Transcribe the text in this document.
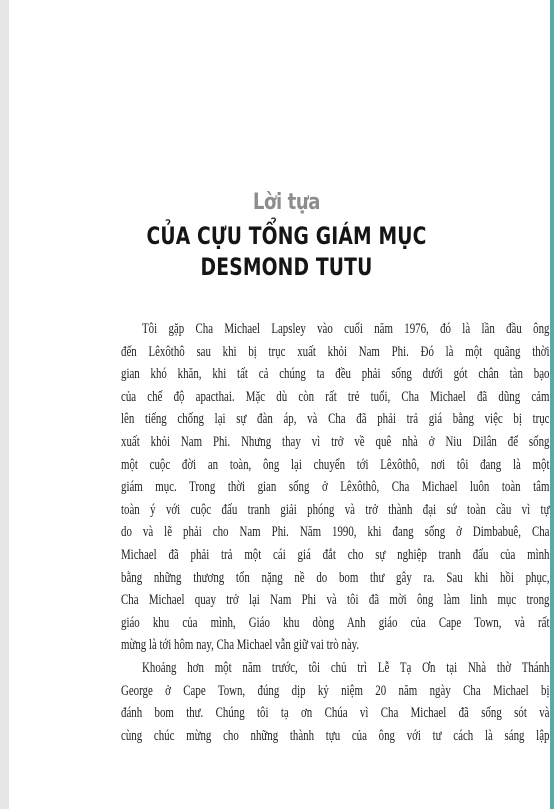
Lời tựa
CỦA CỰU TỔNG GIÁM MỤC
DESMOND TUTU
Tôi gặp Cha Michael Lapsley vào cuối năm 1976, đó là lần đầu ông
đến Lêxôthô sau khi bị trục xuất khỏi Nam Phi. Đó là một quãng thời
gian khó khăn, khi tất cả chúng ta đều phải sống dưới gót chân tàn bạo
của chế độ apacthai. Mặc dù còn rất trẻ tuổi, Cha Michael đã dũng cảm
lên tiếng chống lại sự đàn áp, và Cha đã phải trả giá bằng việc bị trục
xuất khỏi Nam Phi. Nhưng thay vì trở về quê nhà ở Niu Dilân để sống
một cuộc đời an toàn, ông lại chuyển tới Lêxôthô, nơi tôi đang là một
giám mục. Trong thời gian sống ở Lêxôthô, Cha Michael luôn toàn tâm
toàn ý với cuộc đấu tranh giải phóng và trở thành đại sứ toàn cầu vì tự
do và lẽ phải cho Nam Phi. Năm 1990, khi đang sống ở Dimbabuê, Cha
Michael đã phải trả một cái giá đắt cho sự nghiệp tranh đấu của mình
bằng những thương tổn nặng nề do bom thư gây ra. Sau khi hồi phục,
Cha Michael quay trở lại Nam Phi và tôi đã mời ông làm linh mục trong
giáo khu của mình, Giáo khu dòng Anh giáo của Cape Town, và rất
mừng là tới hôm nay, Cha Michael vẫn giữ vai trò này.
Khoảng hơn một năm trước, tôi chủ trì Lễ Tạ Ơn tại Nhà thờ Thánh
George ở Cape Town, đúng dịp kỷ niệm 20 năm ngày Cha Michael bị
đánh bom thư. Chúng tôi tạ ơn Chúa vì Cha Michael đã sống sót và
cùng chúc mừng cho những thành tựu của ông với tư cách là sáng lập
